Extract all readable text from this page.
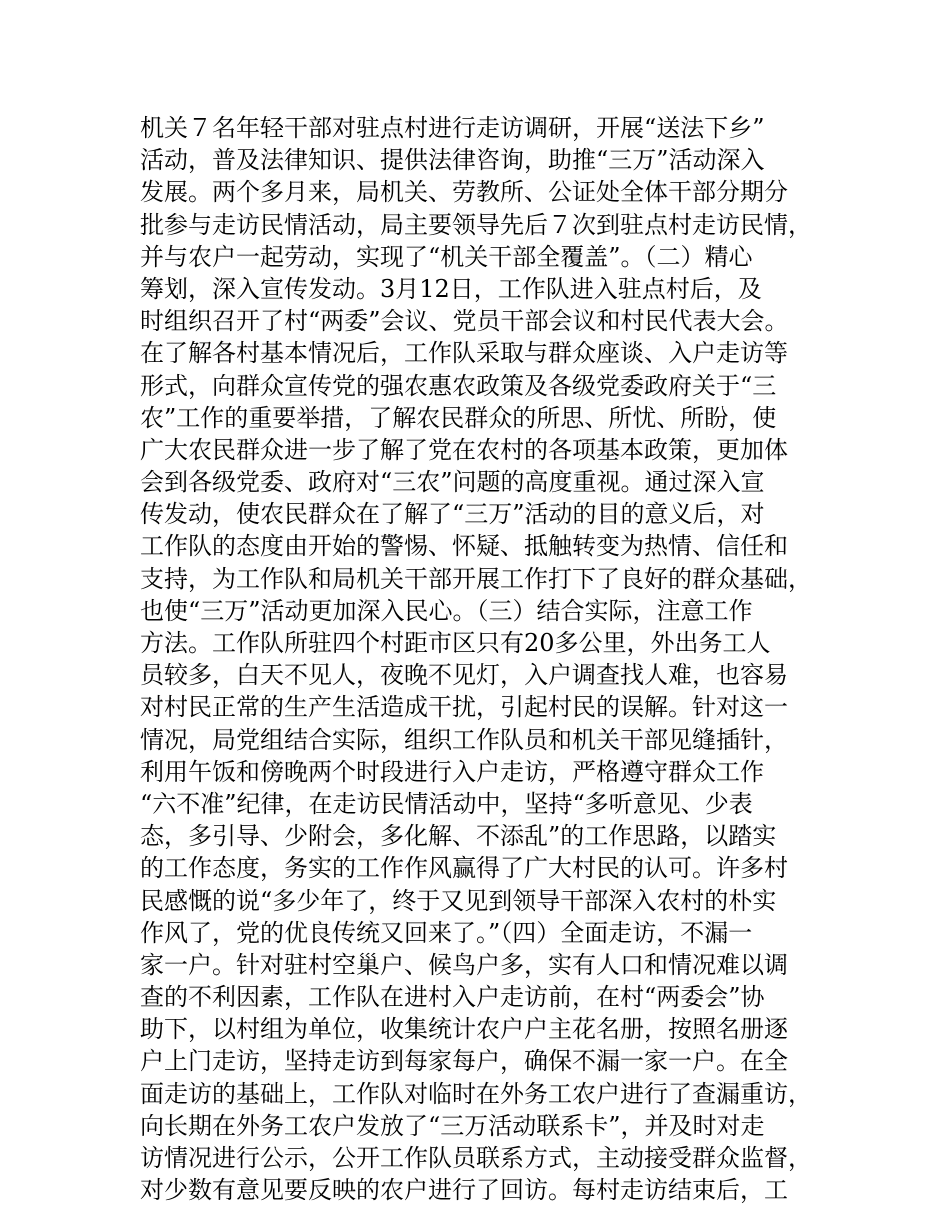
机关７名年轻干部对驻点村进行走访调研，开展“送法下乡”
活动，普及法律知识、提供法律咨询，助推“三万”活动深入
发展。两个多月来，局机关、劳教所、公证处全体干部分期分
批参与走访民情活动，局主要领导先后７次到驻点村走访民情，
并与农户一起劳动，实现了“机关干部全覆盖”。（二）精心
筹划，深入宣传发动。3月12日，工作队进入驻点村后，及
时组织召开了村“两委”会议、党员干部会议和村民代表大会。
在了解各村基本情况后，工作队采取与群众座谈、入户走访等
形式，向群众宣传党的强农惠农政策及各级党委政府关于“三
农”工作的重要举措，了解农民群众的所思、所忧、所盼，使
广大农民群众进一步了解了党在农村的各项基本政策，更加体
会到各级党委、政府对“三农”问题的高度重视。通过深入宣
传发动，使农民群众在了解了“三万”活动的目的意义后，对
工作队的态度由开始的警惕、怀疑、抵触转变为热情、信任和
支持，为工作队和局机关干部开展工作打下了良好的群众基础，
也使“三万”活动更加深入民心。（三）结合实际，注意工作
方法。工作队所驻四个村距市区只有20多公里，外出务工人
员较多，白天不见人，夜晚不见灯，入户调查找人难，也容易
对村民正常的生产生活造成干扰，引起村民的误解。针对这一
情况，局党组结合实际，组织工作队员和机关干部见缝插针，
利用午饭和傍晚两个时段进行入户走访，严格遵守群众工作
“六不准”纪律，在走访民情活动中，坚持“多听意见、少表
态，多引导、少附会，多化解、不添乱”的工作思路，以踏实
的工作态度，务实的工作作风赢得了广大村民的认可。许多村
民感慨的说“多少年了，终于又见到领导干部深入农村的朴实
作风了，党的优良传统又回来了。”（四）全面走访，不漏一
家一户。针对驻村空巢户、候鸟户多，实有人口和情况难以调
查的不利因素，工作队在进村入户走访前，在村“两委会”协
助下，以村组为单位，收集统计农户户主花名册，按照名册逐
户上门走访，坚持走访到每家每户，确保不漏一家一户。在全
面走访的基础上，工作队对临时在外务工农户进行了查漏重访，
向长期在外务工农户发放了“三万活动联系卡”，并及时对走
访情况进行公示，公开工作队员联系方式，主动接受群众监督，
对少数有意见要反映的农户进行了回访。每村走访结束后，工
